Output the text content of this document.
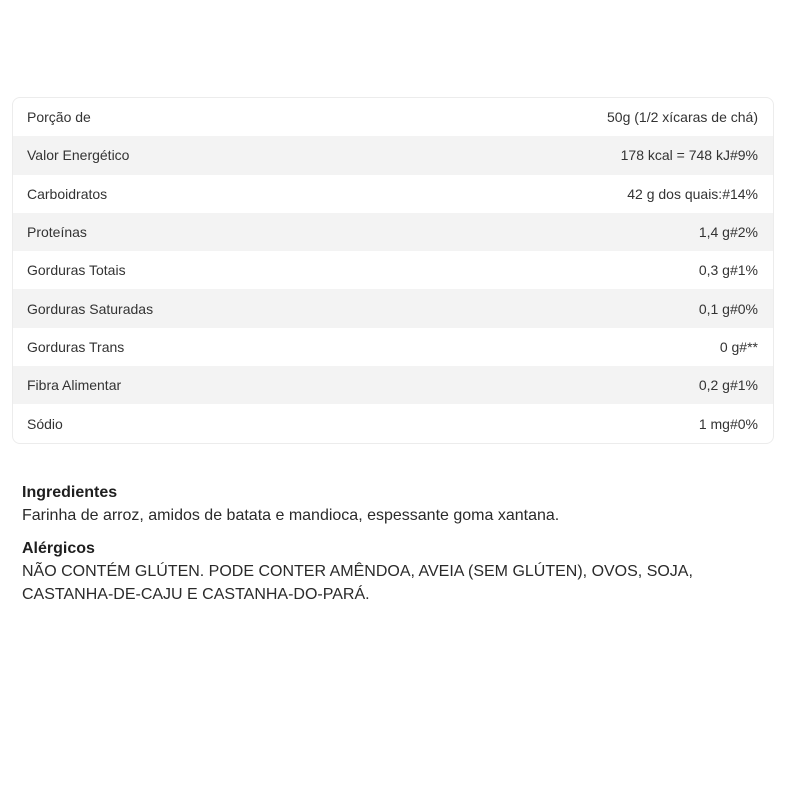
Porção de	50g (1/2 xícaras de chá)
Valor Energético	178 kcal = 748 kJ#9%
Carboidratos	42 g dos quais:#14%
Proteínas	1,4 g#2%
Gorduras Totais	0,3 g#1%
Gorduras Saturadas	0,1 g#0%
Gorduras Trans	0 g#**
Fibra Alimentar	0,2 g#1%
Sódio	1 mg#0%

Ingredientes

Farinha de arroz, amidos de batata e mandioca, espessante goma xantana.

Alérgicos

NÃO CONTÉM GLÚTEN. PODE CONTER AMÊNDOA, AVEIA (SEM GLÚTEN), OVOS, SOJA,
CASTANHA-DE-CAJU E CASTANHA-DO-PARÁ.
